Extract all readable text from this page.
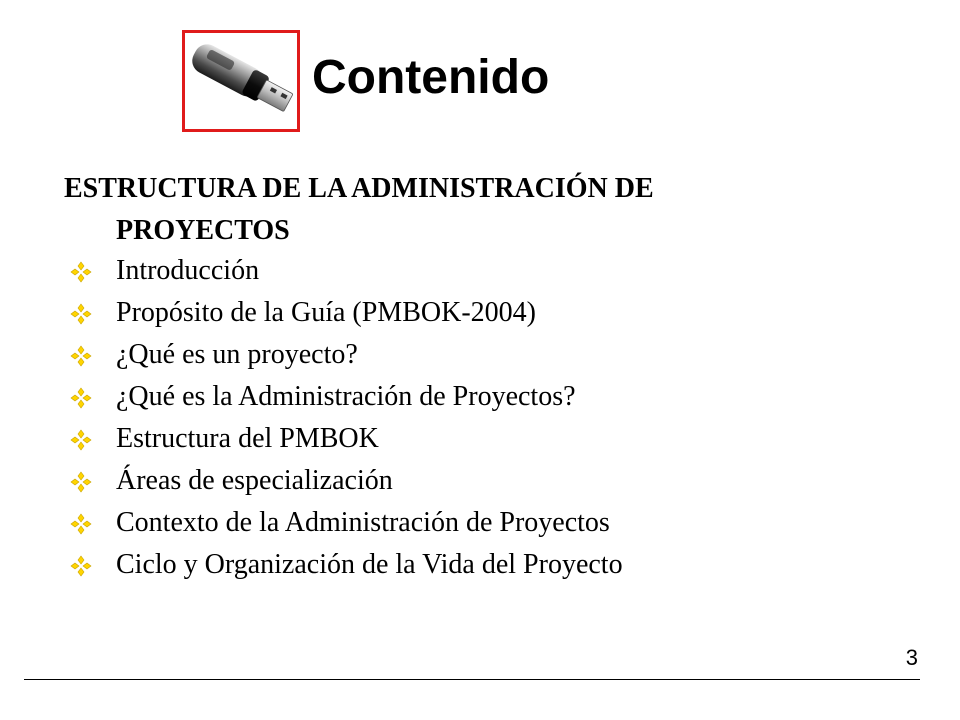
Contenido
ESTRUCTURA DE LA ADMINISTRACIÓN DE
PROYECTOS
Introducción
Propósito de la Guía (PMBOK-2004)
¿Qué es un proyecto?
¿Qué es la Administración de Proyectos?
Estructura del PMBOK
Áreas de especialización
Contexto de la Administración de Proyectos
Ciclo y Organización de la Vida del Proyecto
3
